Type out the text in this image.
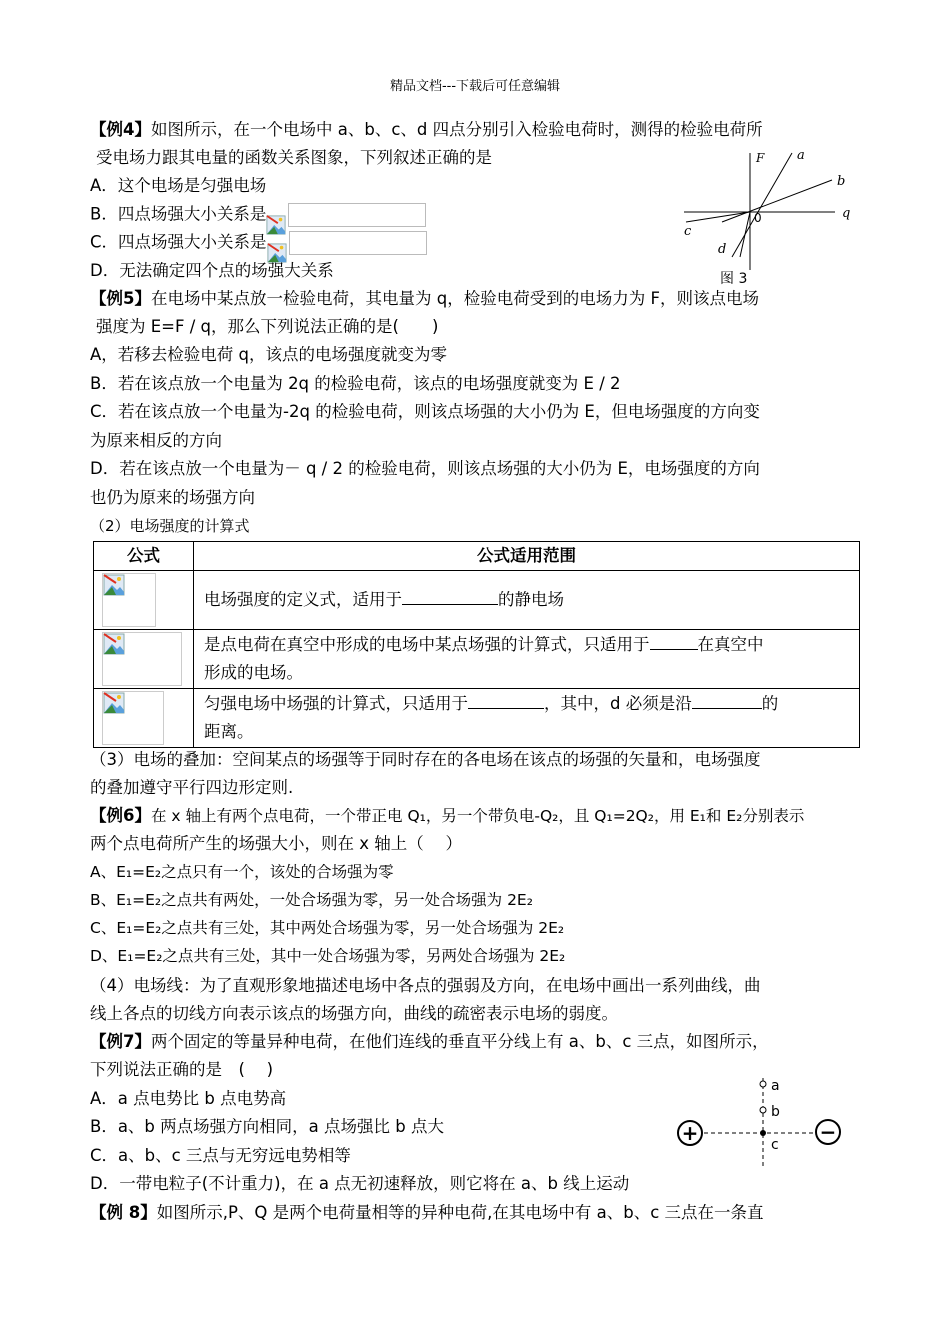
精品文档---下载后可任意编辑
【例4】如图所示，在一个电场中 a、b、c、d 四点分别引入检验电荷时，测得的检验电荷所
受电场力跟其电量的函数关系图象，下列叙述正确的是
A．这个电场是匀强电场
B．四点场强大小关系是
C．四点场强大小关系是
D．无法确定四个点的场强大关系
F	a
b
0	q
c
d
图 3
【例5】在电场中某点放一检验电荷，其电量为 q，检验电荷受到的电场力为 F，则该点电场
强度为 E=F / q，那么下列说法正确的是(　　)
A，若移去检验电荷 q，该点的电场强度就变为零
B．若在该点放一个电量为 2q 的检验电荷，该点的电场强度就变为 E / 2
C．若在该点放一个电量为-2q 的检验电荷，则该点场强的大小仍为 E，但电场强度的方向变
为原来相反的方向
D．若在该点放一个电量为－ q / 2 的检验电荷，则该点场强的大小仍为 E，电场强度的方向
也仍为原来的场强方向
（2）电场强度的计算式
公式	公式适用范围

	电场强度的定义式，适用于 的静电场

	是点电荷在真空中形成的电场中某点场强的计算式，只适用于 在真空中
形成的电场。

	匀强电场中场强的计算式，只适用于 ，其中，d 必须是沿 的
距离。
（3）电场的叠加：空间某点的场强等于同时存在的各电场在该点的场强的矢量和，电场强度
的叠加遵守平行四边形定则.
【例6】在 x 轴上有两个点电荷，一个带正电 Q₁，另一个带负电-Q₂，且 Q₁=2Q₂，用 E₁和 E₂分别表示
两个点电荷所产生的场强大小，则在 x 轴上（　 ）
A、E₁=E₂之点只有一个，该处的合场强为零
B、E₁=E₂之点共有两处，一处合场强为零，另一处合场强为 2E₂
C、E₁=E₂之点共有三处，其中两处合场强为零，另一处合场强为 2E₂
D、E₁=E₂之点共有三处，其中一处合场强为零，另两处合场强为 2E₂
（4）电场线：为了直观形象地描述电场中各点的强弱及方向，在电场中画出一系列曲线，曲
线上各点的切线方向表示该点的场强方向，曲线的疏密表示电场的弱度。
【例7】两个固定的等量异种电荷，在他们连线的垂直平分线上有 a、b、c 三点，如图所示，
下列说法正确的是　(　 )
A．a 点电势比 b 点电势高
B．a、b 两点场强方向相同，a 点场强比 b 点大
C．a、b、c 三点与无穷远电势相等
D．一带电粒子(不计重力)，在 a 点无初速释放，则它将在 a、b 线上运动
+	−
a
b
c
【例 8】如图所示,P、Q 是两个电荷量相等的异种电荷,在其电场中有 a、b、c 三点在一条直
